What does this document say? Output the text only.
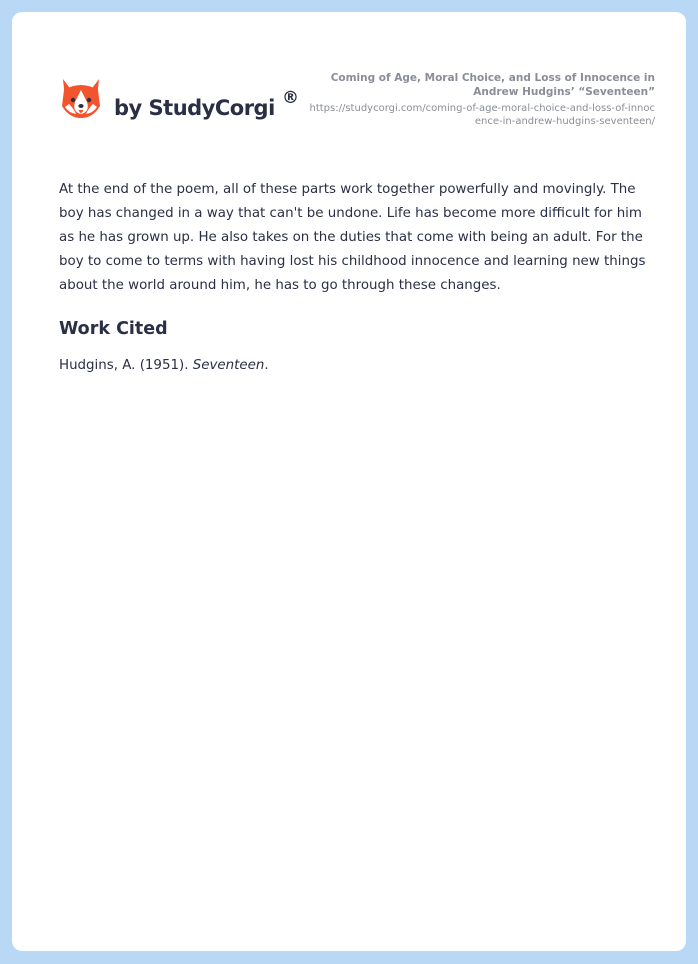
by StudyCorgi ®
Coming of Age, Moral Choice, and Loss of Innocence in Andrew Hudgins’ “Seventeen”
https://studycorgi.com/coming-of-age-moral-choice-and-loss-of-innocence-in-andrew-hudgins-seventeen/

At the end of the poem, all of these parts work together powerfully and movingly. The boy has changed in a way that can't be undone. Life has become more difficult for him as he has grown up. He also takes on the duties that come with being an adult. For the boy to come to terms with having lost his childhood innocence and learning new things about the world around him, he has to go through these changes.

Work Cited

Hudgins, A. (1951). Seventeen.
